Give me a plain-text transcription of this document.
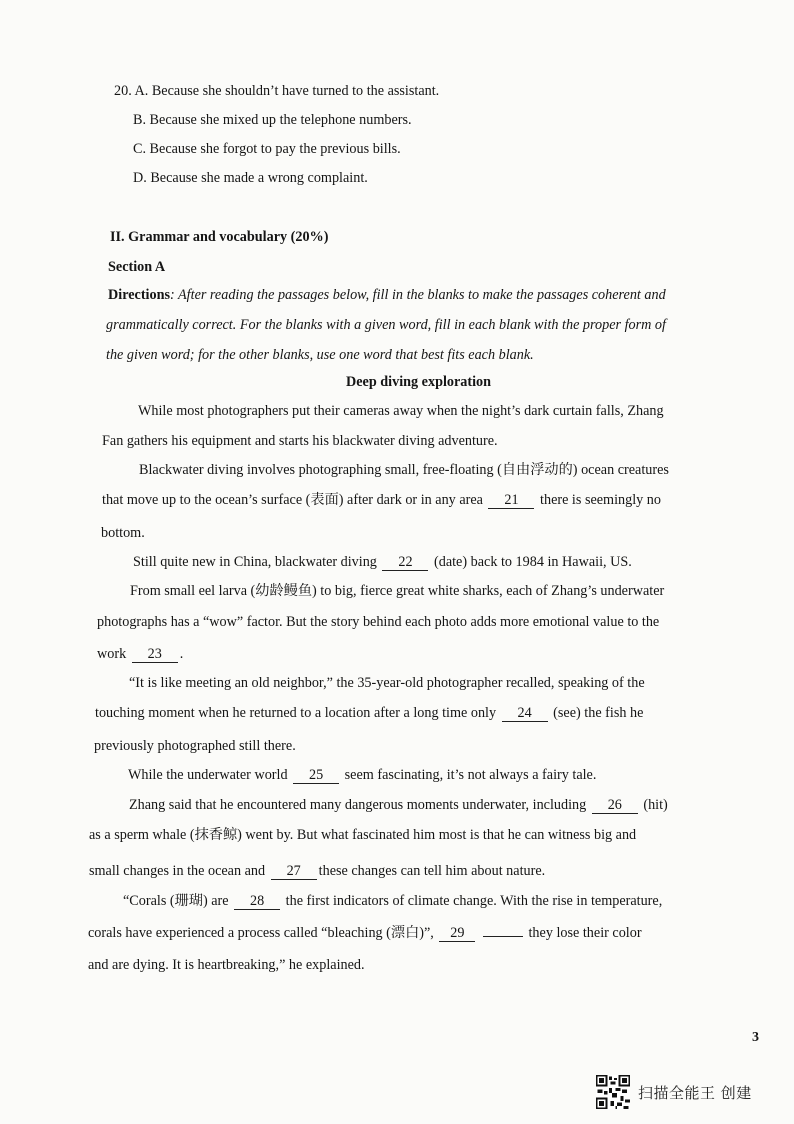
20. A. Because she shouldn’t have turned to the assistant.
B. Because she mixed up the telephone numbers.
C. Because she forgot to pay the previous bills.
D. Because she made a wrong complaint.
II. Grammar and vocabulary (20%)
Section A
Directions: After reading the passages below, fill in the blanks to make the passages coherent and
grammatically correct. For the blanks with a given word, fill in each blank with the proper form of
the given word; for the other blanks, use one word that best fits each blank.
Deep diving exploration
While most photographers put their cameras away when the night’s dark curtain falls, Zhang
Fan gathers his equipment and starts his blackwater diving adventure.
Blackwater diving involves photographing small, free-floating (自由浮动的) ocean creatures
that move up to the ocean’s surface (表面) after dark or in any area 21 there is seemingly no
bottom.
Still quite new in China, blackwater diving 22 (date) back to 1984 in Hawaii, US.
From small eel larva (幼龄鳗鱼) to big, fierce great white sharks, each of Zhang’s underwater
photographs has a “wow” factor. But the story behind each photo adds more emotional value to the
work 23 .
“It is like meeting an old neighbor,” the 35-year-old photographer recalled, speaking of the
touching moment when he returned to a location after a long time only 24 (see) the fish he
previously photographed still there.
While the underwater world 25 seem fascinating, it’s not always a fairy tale.
Zhang said that he encountered many dangerous moments underwater, including 26 (hit)
as a sperm whale (抹香鲸) went by. But what fascinated him most is that he can witness big and
small changes in the ocean and 27 these changes can tell him about nature.
“Corals (珊瑚) are 28 the first indicators of climate change. With the rise in temperature,
corals have experienced a process called “bleaching (漂白)”, 29	they lose their color
and are dying. It is heartbreaking,” he explained.
3
扫描全能王 创建
